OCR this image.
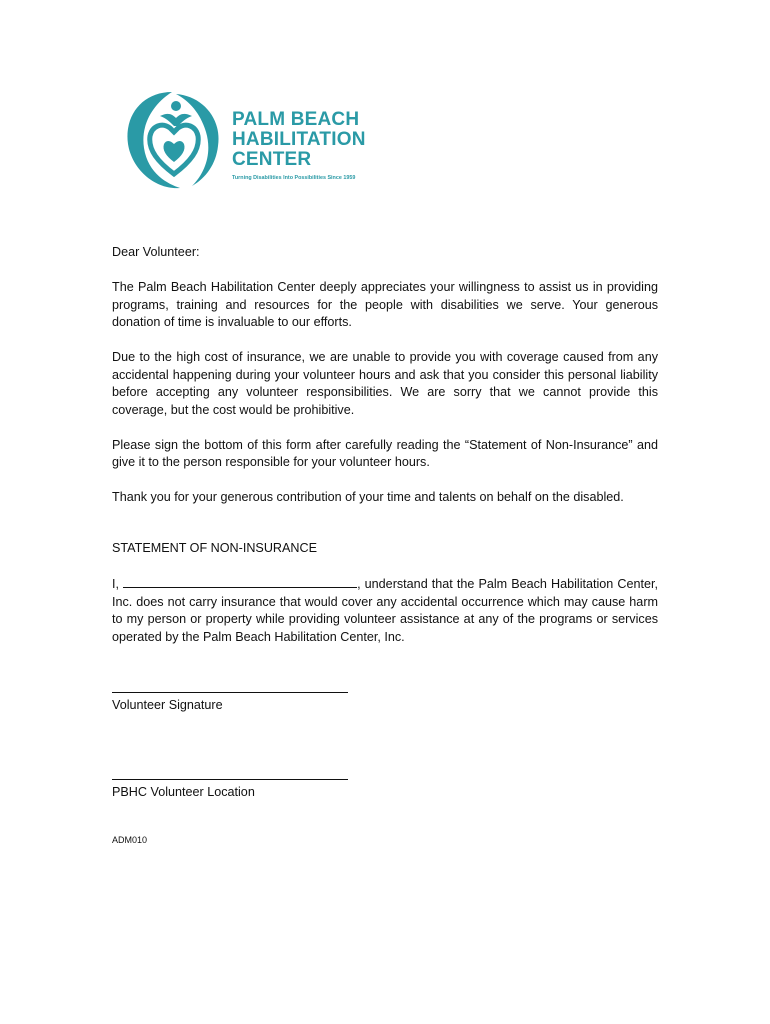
PALM BEACH
HABILITATION
CENTER
Turning Disabilities Into Possibilities Since 1959

Dear Volunteer:

The Palm Beach Habilitation Center deeply appreciates your willingness to assist us in providing programs, training and resources for the people with disabilities we serve. Your generous donation of time is invaluable to our efforts.

Due to the high cost of insurance, we are unable to provide you with coverage caused from any accidental happening during your volunteer hours and ask that you consider this personal liability before accepting any volunteer responsibilities. We are sorry that we cannot provide this coverage, but the cost would be prohibitive.

Please sign the bottom of this form after carefully reading the “Statement of Non-Insurance” and give it to the person responsible for your volunteer hours.

Thank you for your generous contribution of your time and talents on behalf on the disabled.

STATEMENT OF NON-INSURANCE

I,	, understand that the Palm Beach Habilitation Center, Inc. does not carry insurance that would cover any accidental occurrence which may cause harm to my person or property while providing volunteer assistance at any of the programs or services operated by the Palm Beach Habilitation Center, Inc.

Volunteer Signature
PBHC Volunteer Location
ADM010
